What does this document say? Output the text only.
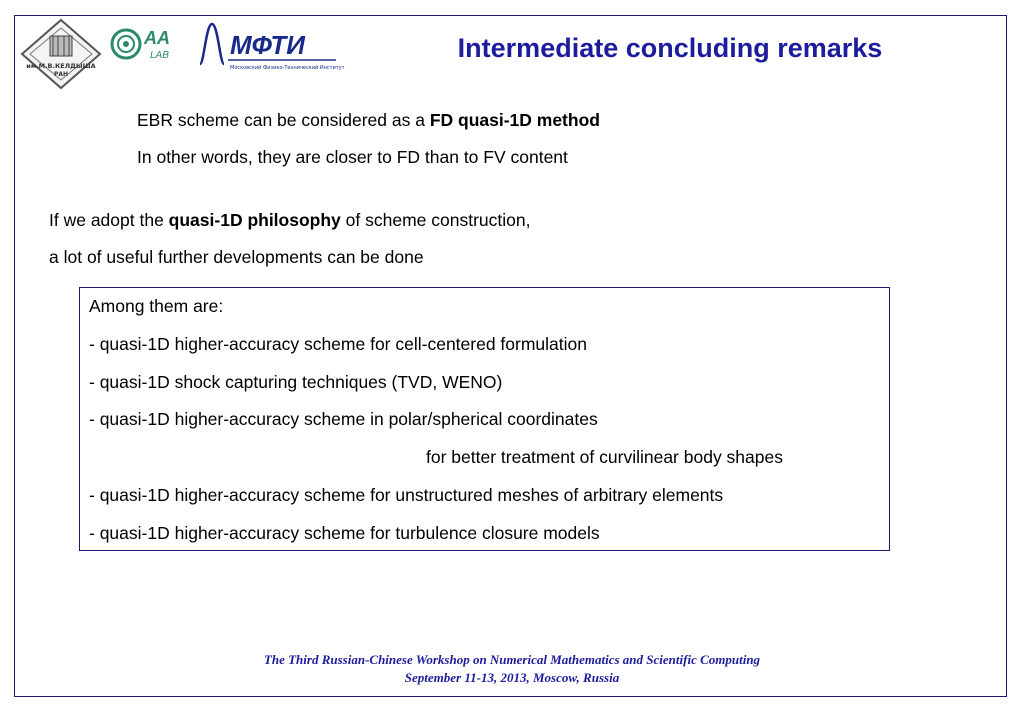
им.М.В.КЕЛДЫША
РАН
AA
LAB МФТИ
Московский Физико-Технический Институт
Intermediate concluding remarks
EBR scheme can be considered as a FD quasi-1D method
In other words, they are closer to FD than to FV content
If we adopt the quasi-1D philosophy of scheme construction,
a lot of useful further developments can be done
Among them are:
- quasi-1D higher-accuracy scheme for cell-centered formulation
- quasi-1D shock capturing techniques (TVD, WENO)
- quasi-1D higher-accuracy scheme in polar/spherical coordinates
for better treatment of curvilinear body shapes
- quasi-1D higher-accuracy scheme for unstructured meshes of arbitrary elements
- quasi-1D higher-accuracy scheme for turbulence closure models
The Third Russian-Chinese Workshop on Numerical Mathematics and Scientific Computing
September 11-13, 2013, Moscow, Russia
